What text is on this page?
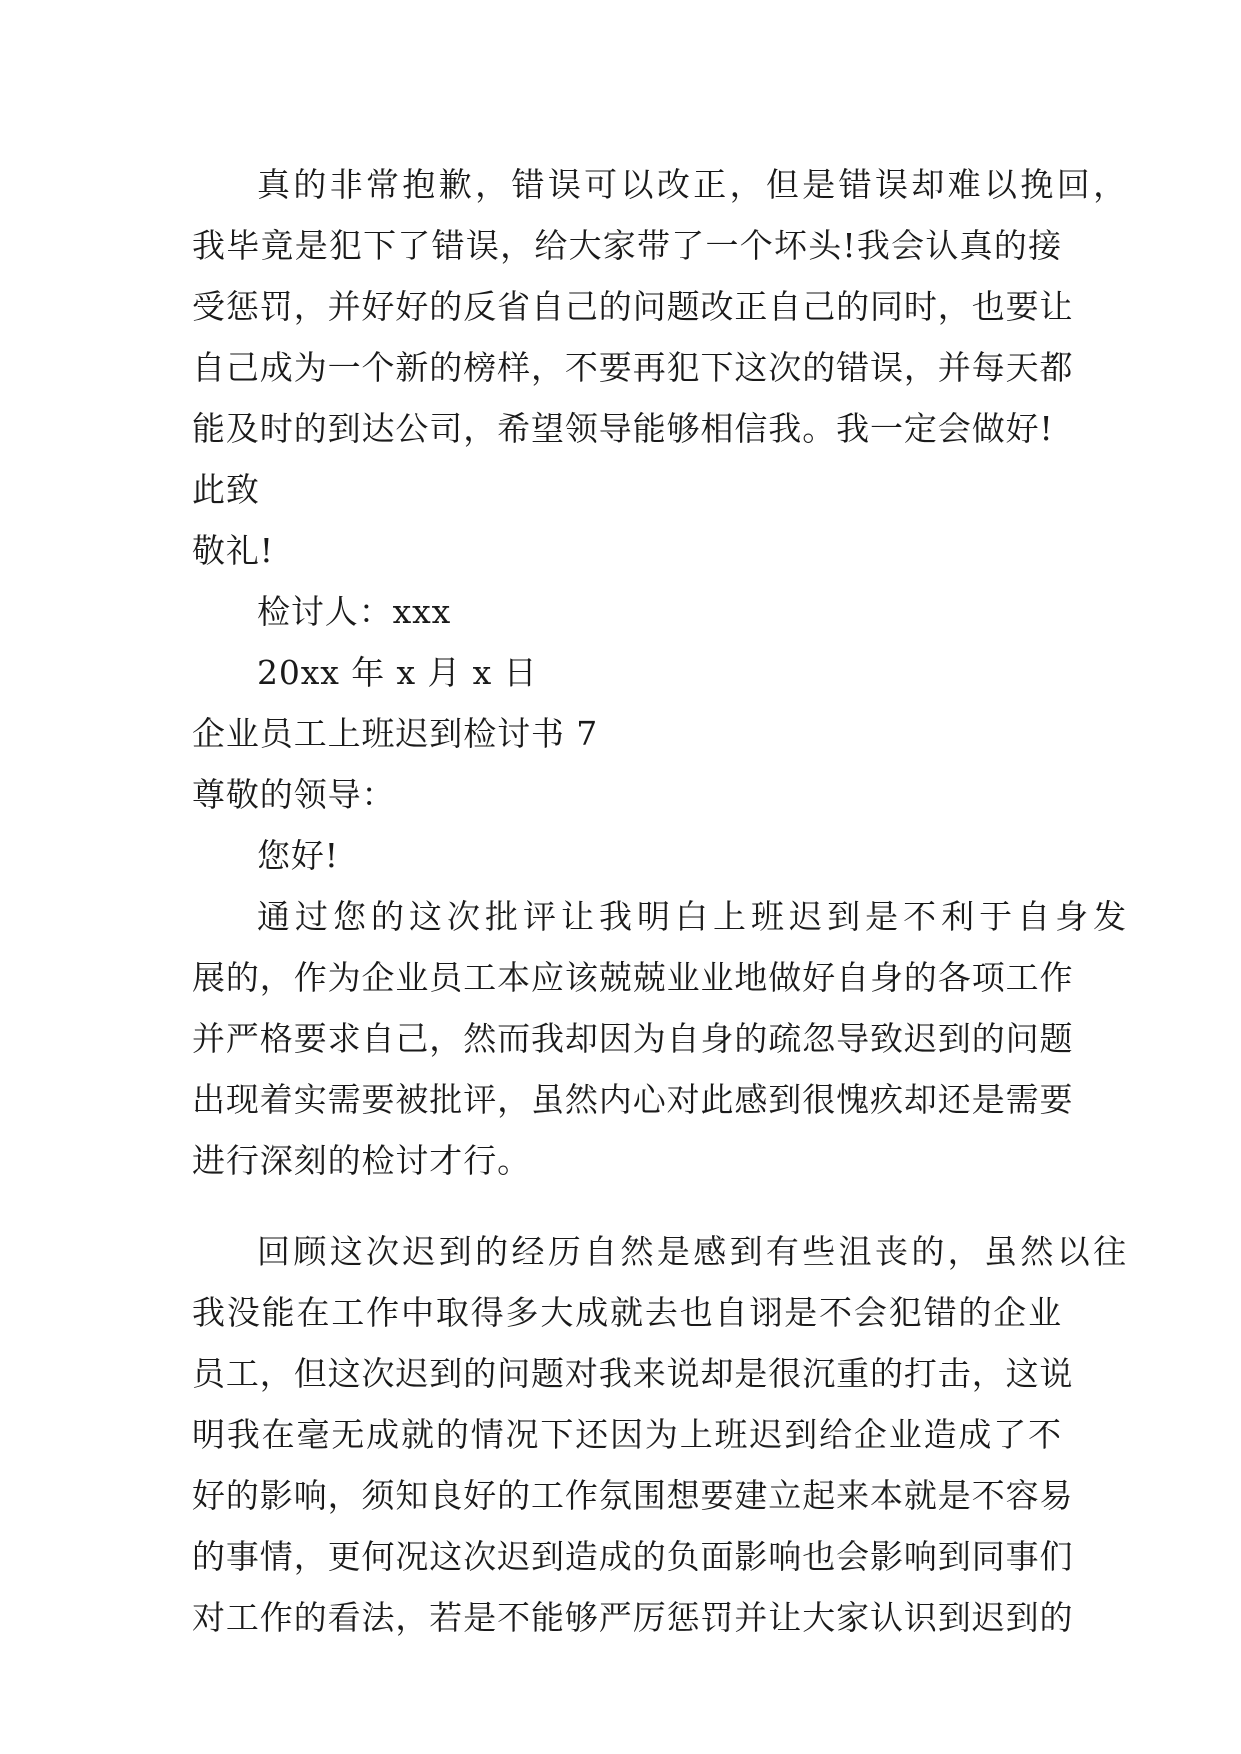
真的非常抱歉，错误可以改正，但是错误却难以挽回，
我毕竟是犯下了错误，给大家带了一个坏头!我会认真的接
受惩罚，并好好的反省自己的问题改正自己的同时，也要让
自己成为一个新的榜样，不要再犯下这次的错误，并每天都
能及时的到达公司，希望领导能够相信我。我一定会做好!
此致
敬礼!
检讨人：xxx
20xx 年 x 月 x 日
企业员工上班迟到检讨书 7
尊敬的领导：
您好!
通过您的这次批评让我明白上班迟到是不利于自身发
展的，作为企业员工本应该兢兢业业地做好自身的各项工作
并严格要求自己，然而我却因为自身的疏忽导致迟到的问题
出现着实需要被批评，虽然内心对此感到很愧疚却还是需要
进行深刻的检讨才行。
回顾这次迟到的经历自然是感到有些沮丧的，虽然以往
我没能在工作中取得多大成就去也自诩是不会犯错的企业
员工，但这次迟到的问题对我来说却是很沉重的打击，这说
明我在毫无成就的情况下还因为上班迟到给企业造成了不
好的影响，须知良好的工作氛围想要建立起来本就是不容易
的事情，更何况这次迟到造成的负面影响也会影响到同事们
对工作的看法，若是不能够严厉惩罚并让大家认识到迟到的
